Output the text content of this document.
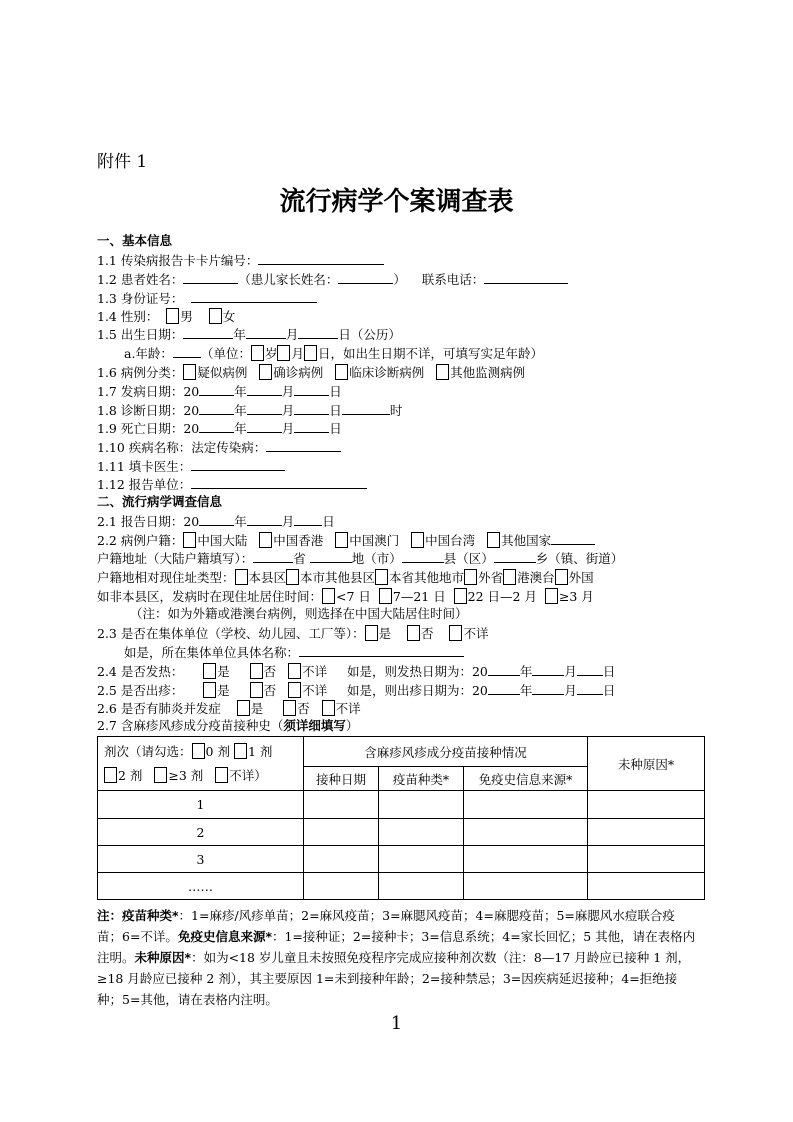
附件 1
流行病学个案调查表
一、基本信息
1.1 传染病报告卡卡片编号：
1.2 患者姓名：	（患儿家长姓名：	） 联系电话：
1.3 身份证号：
1.4 性别： 男 女
1.5 出生日期：	年	月	日（公历）
a.年龄： （单位： 岁 月 日，如出生日期不详，可填写实足年龄）
1.6 病例分类： 疑似病例 确诊病例 临床诊断病例 其他监测病例
1.7 发病日期：20	年	月	日
1.8 诊断日期：20	年	月	日	时
1.9 死亡日期：20	年	月	日
1.10 疾病名称：法定传染病：
1.11 填卡医生：
1.12 报告单位：
二、流行病学调查信息
2.1 报告日期：20	年	月 日
2.2 病例户籍： 中国大陆 中国香港 中国澳门 中国台湾 其他国家
户籍地址（大陆户籍填写）：	省	地（市）	县（区）	乡（镇、街道）
户籍地相对现住址类型： 本县区 本市其他县区 本省其他地市 外省 港澳台 外国
如非本县区，发病时在现住址居住时间： <7 日 7—21 日 22 日—2 月 ≥3 月
（注：如为外籍或港澳台病例，则选择在中国大陆居住时间）
2.3 是否在集体单位（学校、幼儿园、工厂等）： 是 否 不详
如是，所在集体单位具体名称：
2.4 是否发热：	是	否 不详 如是，则发热日期为：20	年	月 日
2.5 是否出疹：	是	否 不详 如是，则出疹日期为：20	年	月 日
2.6 是否有肺炎并发症 是	否 不详
2.7 含麻疹风疹成分疫苗接种史（须详细填写）
剂次（请勾选： 0 剂 1 剂
2 剂 ≥3 剂 不详）	含麻疹风疹成分疫苗接种情况			未种原因*
	接种日期	疫苗种类*	免疫史信息来源*	
1				
2				
3				
……				
注：疫苗种类*：1=麻疹/风疹单苗；2=麻风疫苗；3=麻腮风疫苗；4=麻腮疫苗；5=麻腮风水痘联合疫苗；6=不详。免疫史信息来源*：1=接种证；2=接种卡；3=信息系统；4=家长回忆；5 其他，请在表格内注明。未种原因*：如为<18 岁儿童且未按照免疫程序完成应接种剂次数（注：8—17 月龄应已接种 1 剂，≥18 月龄应已接种 2 剂），其主要原因 1=未到接种年龄；2=接种禁忌；3=因疾病延迟接种；4=拒绝接种；5=其他，请在表格内注明。
1
